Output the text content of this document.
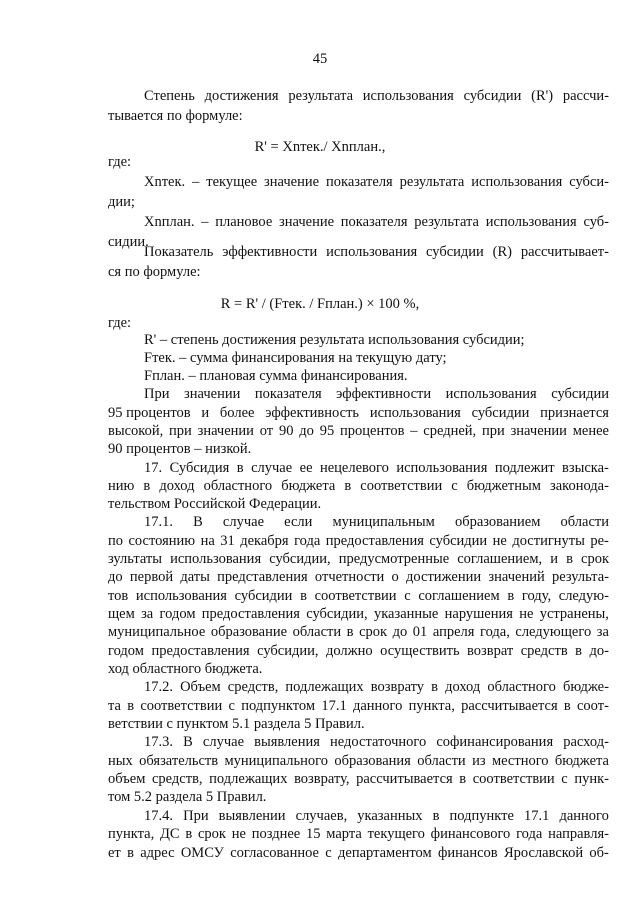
45
Степень достижения результата использования субсидии (R') рассчи-
тывается по формуле:
R' = Xnтек./ Xnплан.,
где:
Xnтек. – текущее значение показателя результата использования субси-
дии;
Xnплан. – плановое значение показателя результата использования суб-
сидии.
Показатель эффективности использования субсидии (R) рассчитывает-
ся по формуле:
R = R' / (Fтек. / Fплан.) × 100 %,
где:
R' – степень достижения результата использования субсидии;
Fтек. – сумма финансирования на текущую дату;
Fплан. – плановая сумма финансирования.
При значении показателя эффективности использования субсидии
95 процентов и более эффективность использования субсидии признается
высокой, при значении от 90 до 95 процентов – средней, при значении менее
90 процентов – низкой.
17. Субсидия в случае ее нецелевого использования подлежит взыска-
нию в доход областного бюджета в соответствии с бюджетным законода-
тельством Российской Федерации.
17.1. В случае если муниципальным образованием области
по состоянию на 31 декабря года предоставления субсидии не достигнуты ре-
зультаты использования субсидии, предусмотренные соглашением, и в срок
до первой даты представления отчетности о достижении значений результа-
тов использования субсидии в соответствии с соглашением в году, следую-
щем за годом предоставления субсидии, указанные нарушения не устранены,
муниципальное образование области в срок до 01 апреля года, следующего за
годом предоставления субсидии, должно осуществить возврат средств в до-
ход областного бюджета.
17.2. Объем средств, подлежащих возврату в доход областного бюдже-
та в соответствии с подпунктом 17.1 данного пункта, рассчитывается в соот-
ветствии с пунктом 5.1 раздела 5 Правил.
17.3. В случае выявления недостаточного софинансирования расход-
ных обязательств муниципального образования области из местного бюджета
объем средств, подлежащих возврату, рассчитывается в соответствии с пунк-
том 5.2 раздела 5 Правил.
17.4. При выявлении случаев, указанных в подпункте 17.1 данного
пункта, ДС в срок не позднее 15 марта текущего финансового года направля-
ет в адрес ОМСУ согласованное с департаментом финансов Ярославской об-
